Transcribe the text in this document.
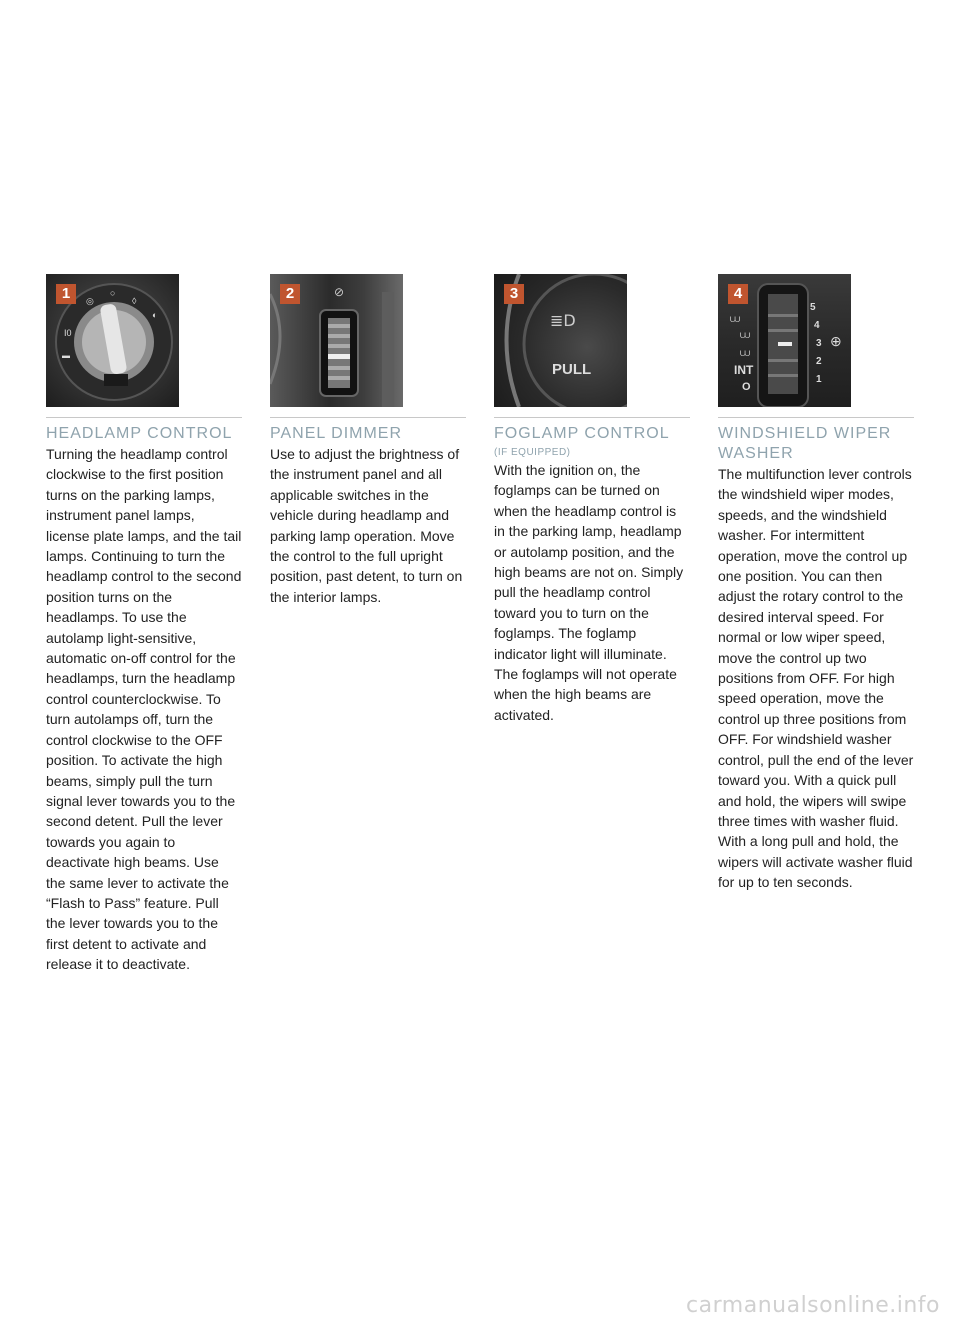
I0
▬
◎
○
◊
◐
1
HEADLAMP CONTROL
Turning the headlamp control clockwise to the first position turns on the parking lamps, instrument panel lamps, license plate lamps, and the tail lamps. Continuing to turn the headlamp control to the second position turns on the headlamps. To use the autolamp light-sensitive, automatic on-off control for the headlamps, turn the headlamp control counterclockwise. To turn autolamps off, turn the control clockwise to the OFF position. To activate the high beams, simply pull the turn signal lever towards you to the second detent. Pull the lever towards you again to deactivate high beams. Use the same lever to activate the “Flash to Pass” feature. Pull the lever towards you to the first detent to activate and release it to deactivate.
⊘
2
PANEL DIMMER
Use to adjust the brightness of the instrument panel and all applicable switches in the vehicle during headlamp and parking lamp operation. Move the control to the full upright position, past detent, to turn on the interior lamps.
≣D
PULL
3
FOGLAMP CONTROL
(IF EQUIPPED)
With the ignition on, the foglamps can be turned on when the headlamp control is in the parking lamp, headlamp or autolamp position, and the high beams are not on. Simply pull the headlamp control toward you to turn on the foglamps. The foglamp indicator light will illuminate. The foglamps will not operate when the high beams are activated.
⩊
⩊
⩊
INT
O
5
4
3
2
1
⊕
4
WINDSHIELD WIPER WASHER
The multifunction lever controls the windshield wiper modes, speeds, and the windshield washer. For intermittent operation, move the control up one position. You can then adjust the rotary control to the desired interval speed. For normal or low wiper speed, move the control up two positions from OFF. For high speed operation, move the control up three positions from OFF. For windshield washer control, pull the end of the lever toward you. With a quick pull and hold, the wipers will swipe three times with washer fluid. With a long pull and hold, the wipers will activate washer fluid for up to ten seconds.
carmanualsonline.info
